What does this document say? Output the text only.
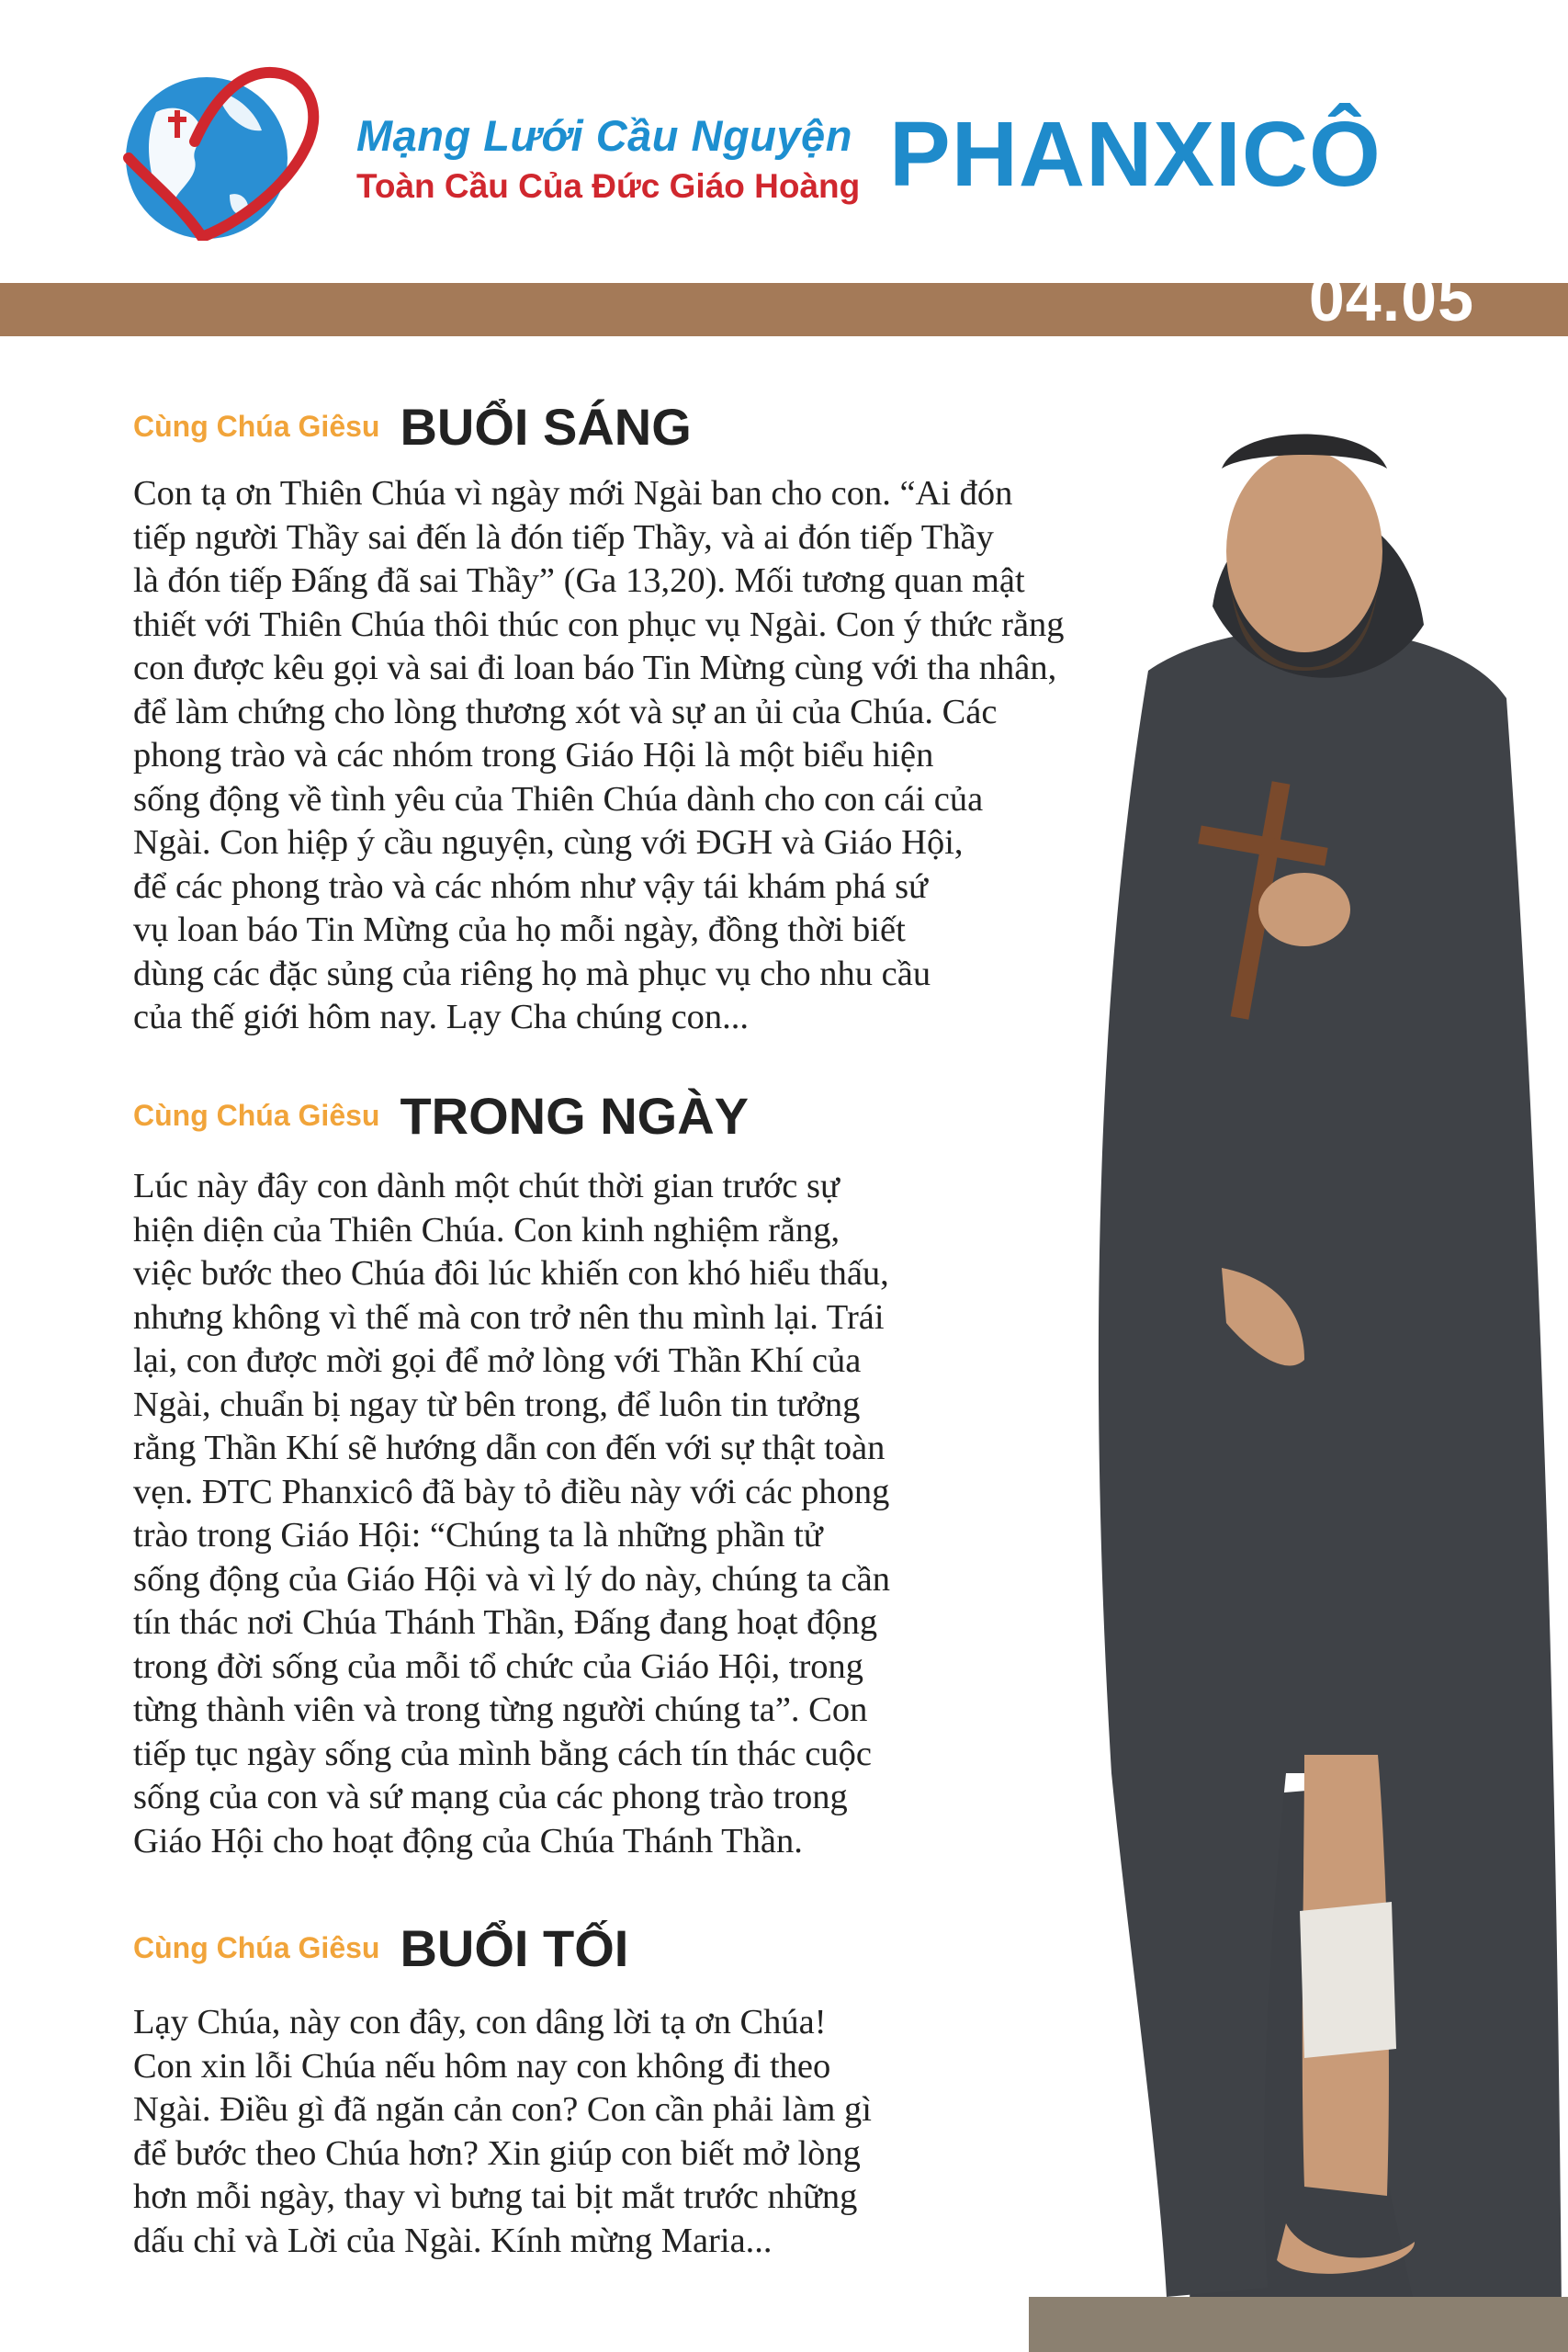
Mạng Lưới Cầu Nguyện
Toàn Cầu Của Đức Giáo Hoàng PHANXICÔ
04.05
Cùng Chúa Giêsu BUỔI SÁNG
Con tạ ơn Thiên Chúa vì ngày mới Ngài ban cho con. “Ai đón
tiếp người Thầy sai đến là đón tiếp Thầy, và ai đón tiếp Thầy
là đón tiếp Đấng đã sai Thầy” (Ga 13,20). Mối tương quan mật
thiết với Thiên Chúa thôi thúc con phục vụ Ngài. Con ý thức rằng
con được kêu gọi và sai đi loan báo Tin Mừng cùng với tha nhân,
để làm chứng cho lòng thương xót và sự an ủi của Chúa. Các
phong trào và các nhóm trong Giáo Hội là một biểu hiện
sống động về tình yêu của Thiên Chúa dành cho con cái của
Ngài. Con hiệp ý cầu nguyện, cùng với ĐGH và Giáo Hội,
để các phong trào và các nhóm như vậy tái khám phá sứ
vụ loan báo Tin Mừng của họ mỗi ngày, đồng thời biết
dùng các đặc sủng của riêng họ mà phục vụ cho nhu cầu
của thế giới hôm nay. Lạy Cha chúng con...
Cùng Chúa Giêsu TRONG NGÀY
Lúc này đây con dành một chút thời gian trước sự
hiện diện của Thiên Chúa. Con kinh nghiệm rằng,
việc bước theo Chúa đôi lúc khiến con khó hiểu thấu,
nhưng không vì thế mà con trở nên thu mình lại. Trái
lại, con được mời gọi để mở lòng với Thần Khí của
Ngài, chuẩn bị ngay từ bên trong, để luôn tin tưởng
rằng Thần Khí sẽ hướng dẫn con đến với sự thật toàn
vẹn. ĐTC Phanxicô đã bày tỏ điều này với các phong
trào trong Giáo Hội: “Chúng ta là những phần tử
sống động của Giáo Hội và vì lý do này, chúng ta cần
tín thác nơi Chúa Thánh Thần, Đấng đang hoạt động
trong đời sống của mỗi tổ chức của Giáo Hội, trong
từng thành viên và trong từng người chúng ta”. Con
tiếp tục ngày sống của mình bằng cách tín thác cuộc
sống của con và sứ mạng của các phong trào trong
Giáo Hội cho hoạt động của Chúa Thánh Thần.
Cùng Chúa Giêsu BUỔI TỐI
Lạy Chúa, này con đây, con dâng lời tạ ơn Chúa!
Con xin lỗi Chúa nếu hôm nay con không đi theo
Ngài. Điều gì đã ngăn cản con? Con cần phải làm gì
để bước theo Chúa hơn? Xin giúp con biết mở lòng
hơn mỗi ngày, thay vì bưng tai bịt mắt trước những
dấu chỉ và Lời của Ngài. Kính mừng Maria...
